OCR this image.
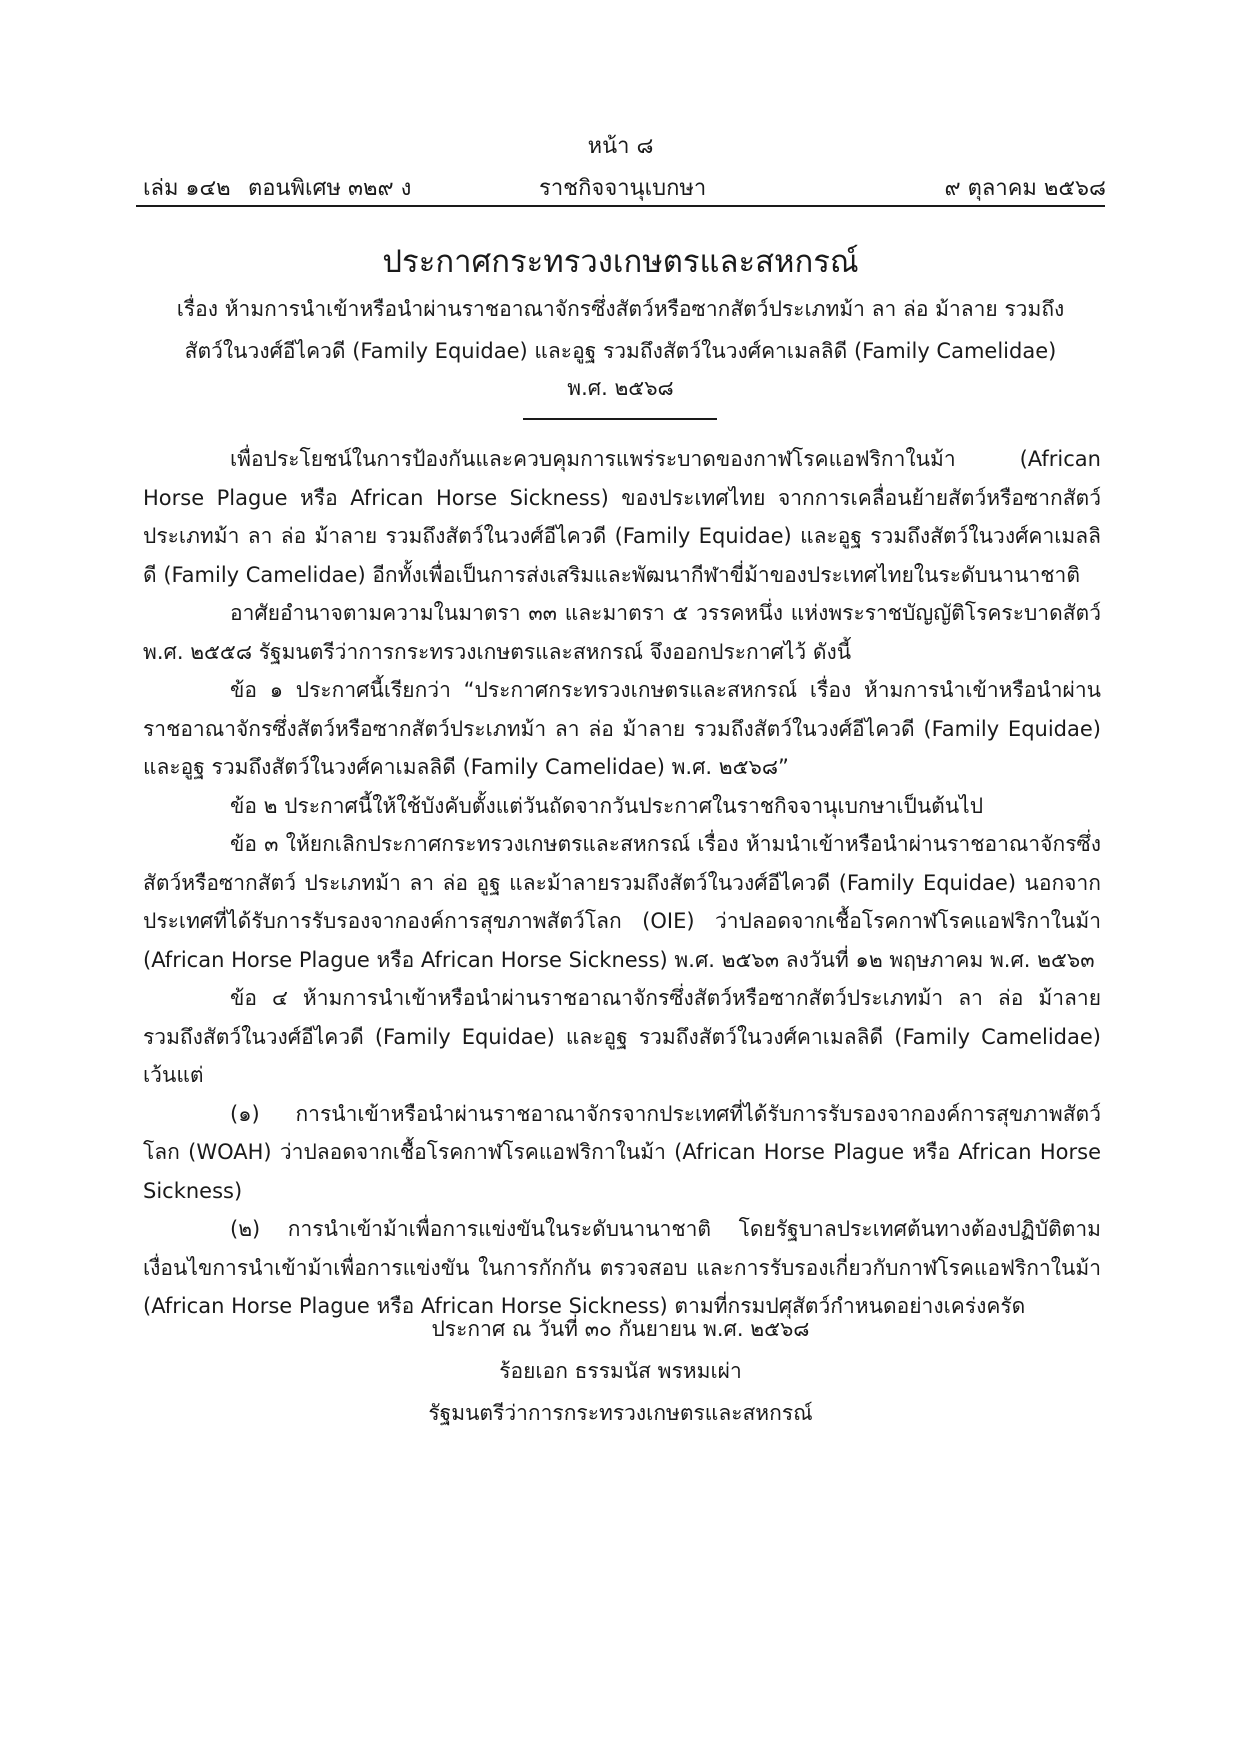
หน้า ๘
เล่ม ๑๔๒ ตอนพิเศษ ๓๒๙ ง	ราชกิจจานุเบกษา	๙ ตุลาคม ๒๕๖๘
ประกาศกระทรวงเกษตรและสหกรณ์
เรื่อง ห้ามการนำเข้าหรือนำผ่านราชอาณาจักรซึ่งสัตว์หรือซากสัตว์ประเภทม้า ลา ล่อ ม้าลาย รวมถึงสัตว์ในวงศ์อีไควดี (Family Equidae) และอูฐ รวมถึงสัตว์ในวงศ์คาเมลลิดี (Family Camelidae)
พ.ศ. ๒๕๖๘

เพื่อประโยชน์ในการป้องกันและควบคุมการแพร่ระบาดของกาฬโรคแอฟริกาในม้า (African Horse Plague หรือ African Horse Sickness) ของประเทศไทย จากการเคลื่อนย้ายสัตว์หรือซากสัตว์ประเภทม้า ลา ล่อ ม้าลาย รวมถึงสัตว์ในวงศ์อีไควดี (Family Equidae) และอูฐ รวมถึงสัตว์ในวงศ์คาเมลลิดี (Family Camelidae) อีกทั้งเพื่อเป็นการส่งเสริมและพัฒนากีฬาขี่ม้าของประเทศไทยในระดับนานาชาติ

อาศัยอำนาจตามความในมาตรา ๓๓ และมาตรา ๕ วรรคหนึ่ง แห่งพระราชบัญญัติโรคระบาดสัตว์ พ.ศ. ๒๕๕๘ รัฐมนตรีว่าการกระทรวงเกษตรและสหกรณ์ จึงออกประกาศไว้ ดังนี้

ข้อ ๑ ประกาศนี้เรียกว่า “ประกาศกระทรวงเกษตรและสหกรณ์ เรื่อง ห้ามการนำเข้าหรือนำผ่านราชอาณาจักรซึ่งสัตว์หรือซากสัตว์ประเภทม้า ลา ล่อ ม้าลาย รวมถึงสัตว์ในวงศ์อีไควดี (Family Equidae) และอูฐ รวมถึงสัตว์ในวงศ์คาเมลลิดี (Family Camelidae) พ.ศ. ๒๕๖๘”

ข้อ ๒ ประกาศนี้ให้ใช้บังคับตั้งแต่วันถัดจากวันประกาศในราชกิจจานุเบกษาเป็นต้นไป

ข้อ ๓ ให้ยกเลิกประกาศกระทรวงเกษตรและสหกรณ์ เรื่อง ห้ามนำเข้าหรือนำผ่านราชอาณาจักรซึ่งสัตว์หรือซากสัตว์ ประเภทม้า ลา ล่อ อูฐ และม้าลายรวมถึงสัตว์ในวงศ์อีไควดี (Family Equidae) นอกจากประเทศที่ได้รับการรับรองจากองค์การสุขภาพสัตว์โลก (OIE) ว่าปลอดจากเชื้อโรคกาฬโรคแอฟริกาในม้า (African Horse Plague หรือ African Horse Sickness) พ.ศ. ๒๕๖๓ ลงวันที่ ๑๒ พฤษภาคม พ.ศ. ๒๕๖๓

ข้อ ๔ ห้ามการนำเข้าหรือนำผ่านราชอาณาจักรซึ่งสัตว์หรือซากสัตว์ประเภทม้า ลา ล่อ ม้าลาย รวมถึงสัตว์ในวงศ์อีไควดี (Family Equidae) และอูฐ รวมถึงสัตว์ในวงศ์คาเมลลิดี (Family Camelidae) เว้นแต่

(๑) การนำเข้าหรือนำผ่านราชอาณาจักรจากประเทศที่ได้รับการรับรองจากองค์การสุขภาพสัตว์โลก (WOAH) ว่าปลอดจากเชื้อโรคกาฬโรคแอฟริกาในม้า (African Horse Plague หรือ African Horse Sickness)

(๒) การนำเข้าม้าเพื่อการแข่งขันในระดับนานาชาติ โดยรัฐบาลประเทศต้นทางต้องปฏิบัติตามเงื่อนไขการนำเข้าม้าเพื่อการแข่งขัน ในการกักกัน ตรวจสอบ และการรับรองเกี่ยวกับกาฬโรคแอฟริกาในม้า (African Horse Plague หรือ African Horse Sickness) ตามที่กรมปศุสัตว์กำหนดอย่างเคร่งครัด

ประกาศ ณ วันที่ ๓๐ กันยายน พ.ศ. ๒๕๖๘
ร้อยเอก ธรรมนัส พรหมเผ่า
รัฐมนตรีว่าการกระทรวงเกษตรและสหกรณ์
